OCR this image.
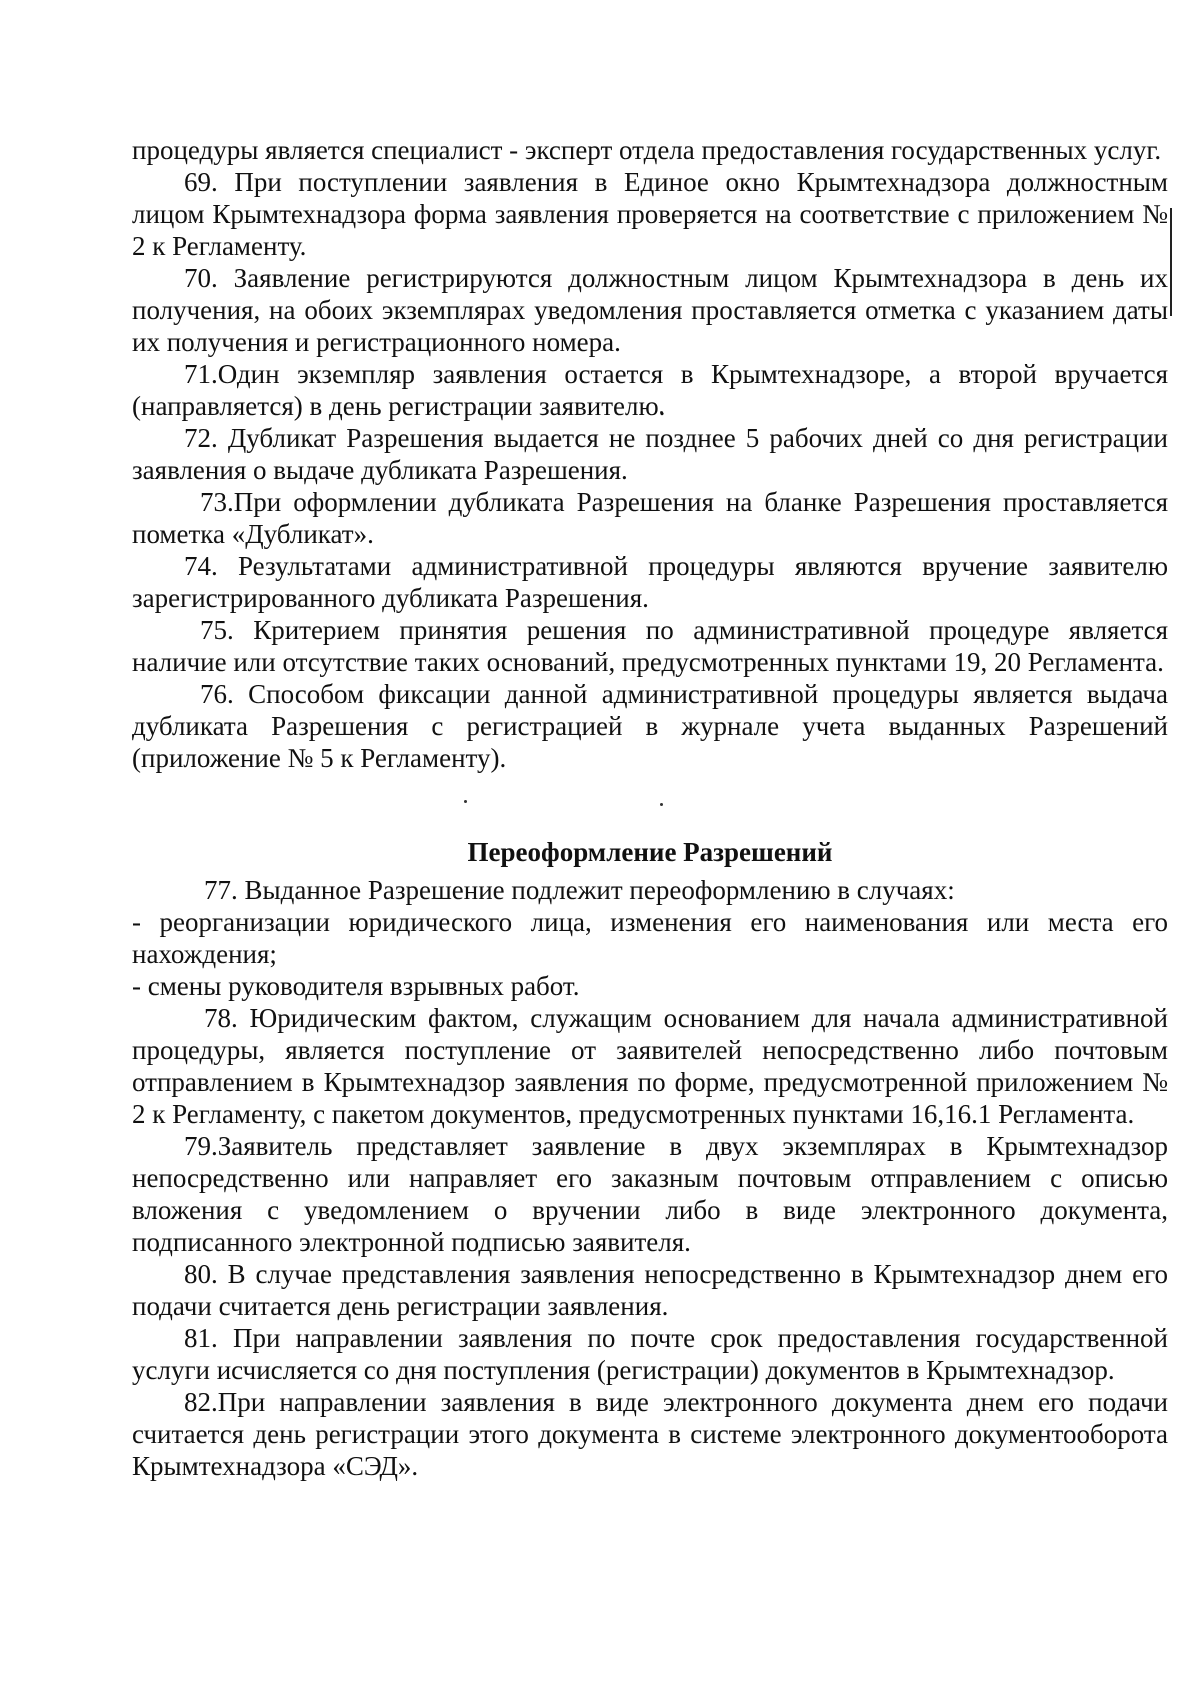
процедуры является специалист - эксперт отдела предоставления государственных услуг.

69. При поступлении заявления в Единое окно Крымтехнадзора должностным лицом Крымтехнадзора форма заявления проверяется на соответствие с приложением № 2 к Регламенту.

70. Заявление регистрируются должностным лицом Крымтехнадзора в день их получения, на обоих экземплярах уведомления проставляется отметка с указанием даты их получения и регистрационного номера.

71.Один экземпляр заявления остается в Крымтехнадзоре, а второй вручается (направляется) в день регистрации заявителю.

72. Дубликат Разрешения выдается не позднее 5 рабочих дней со дня регистрации заявления о выдаче дубликата Разрешения.

73.При оформлении дубликата Разрешения на бланке Разрешения проставляется пометка «Дубликат».

74. Результатами административной процедуры являются вручение заявителю зарегистрированного дубликата Разрешения.

75. Критерием принятия решения по административной процедуре является наличие или отсутствие таких оснований, предусмотренных пунктами 19, 20 Регламента.

76. Способом фиксации данной административной процедуры является выдача дубликата Разрешения с регистрацией в журнале учета выданных Разрешений (приложение № 5 к Регламенту).

Переоформление Разрешений

77. Выданное Разрешение подлежит переоформлению в случаях:

- реорганизации юридического лица, изменения его наименования или места его нахождения;

- смены руководителя взрывных работ.

78. Юридическим фактом, служащим основанием для начала административной процедуры, является поступление от заявителей непосредственно либо почтовым отправлением в Крымтехнадзор заявления по форме, предусмотренной приложением № 2 к Регламенту, с пакетом документов, предусмотренных пунктами 16,16.1 Регламента.

79.Заявитель представляет заявление в двух экземплярах в Крымтехнадзор непосредственно или направляет его заказным почтовым отправлением с описью вложения с уведомлением о вручении либо в виде электронного документа, подписанного электронной подписью заявителя.

80. В случае представления заявления непосредственно в Крымтехнадзор днем его подачи считается день регистрации заявления.

81. При направлении заявления по почте срок предоставления государственной услуги исчисляется со дня поступления (регистрации) документов в Крымтехнадзор.

82.При направлении заявления в виде электронного документа днем его подачи считается день регистрации этого документа в системе электронного документооборота Крымтехнадзора «СЭД».
